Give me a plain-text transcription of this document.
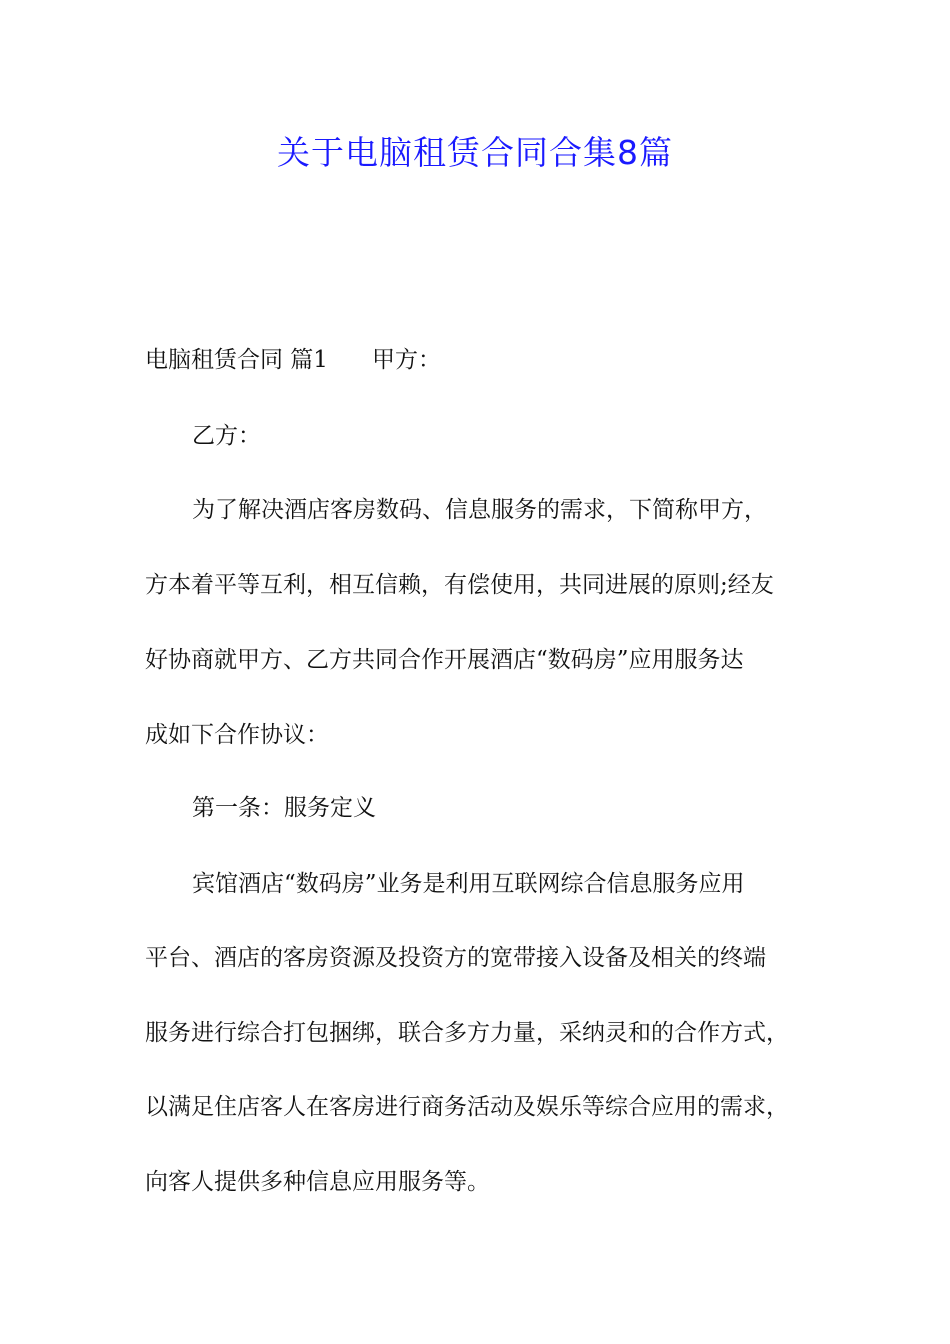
关于电脑租赁合同合集8篇

电脑租赁合同 篇1 甲方：

乙方：

为了解决酒店客房数码、信息服务的需求，下简称甲方，

方本着平等互利，相互信赖，有偿使用，共同进展的原则;经友

好协商就甲方、乙方共同合作开展酒店“数码房”应用服务达

成如下合作协议：

第一条：服务定义

宾馆酒店“数码房”业务是利用互联网综合信息服务应用

平台、酒店的客房资源及投资方的宽带接入设备及相关的终端

服务进行综合打包捆绑，联合多方力量，采纳灵和的合作方式，

以满足住店客人在客房进行商务活动及娱乐等综合应用的需求，

向客人提供多种信息应用服务等。
